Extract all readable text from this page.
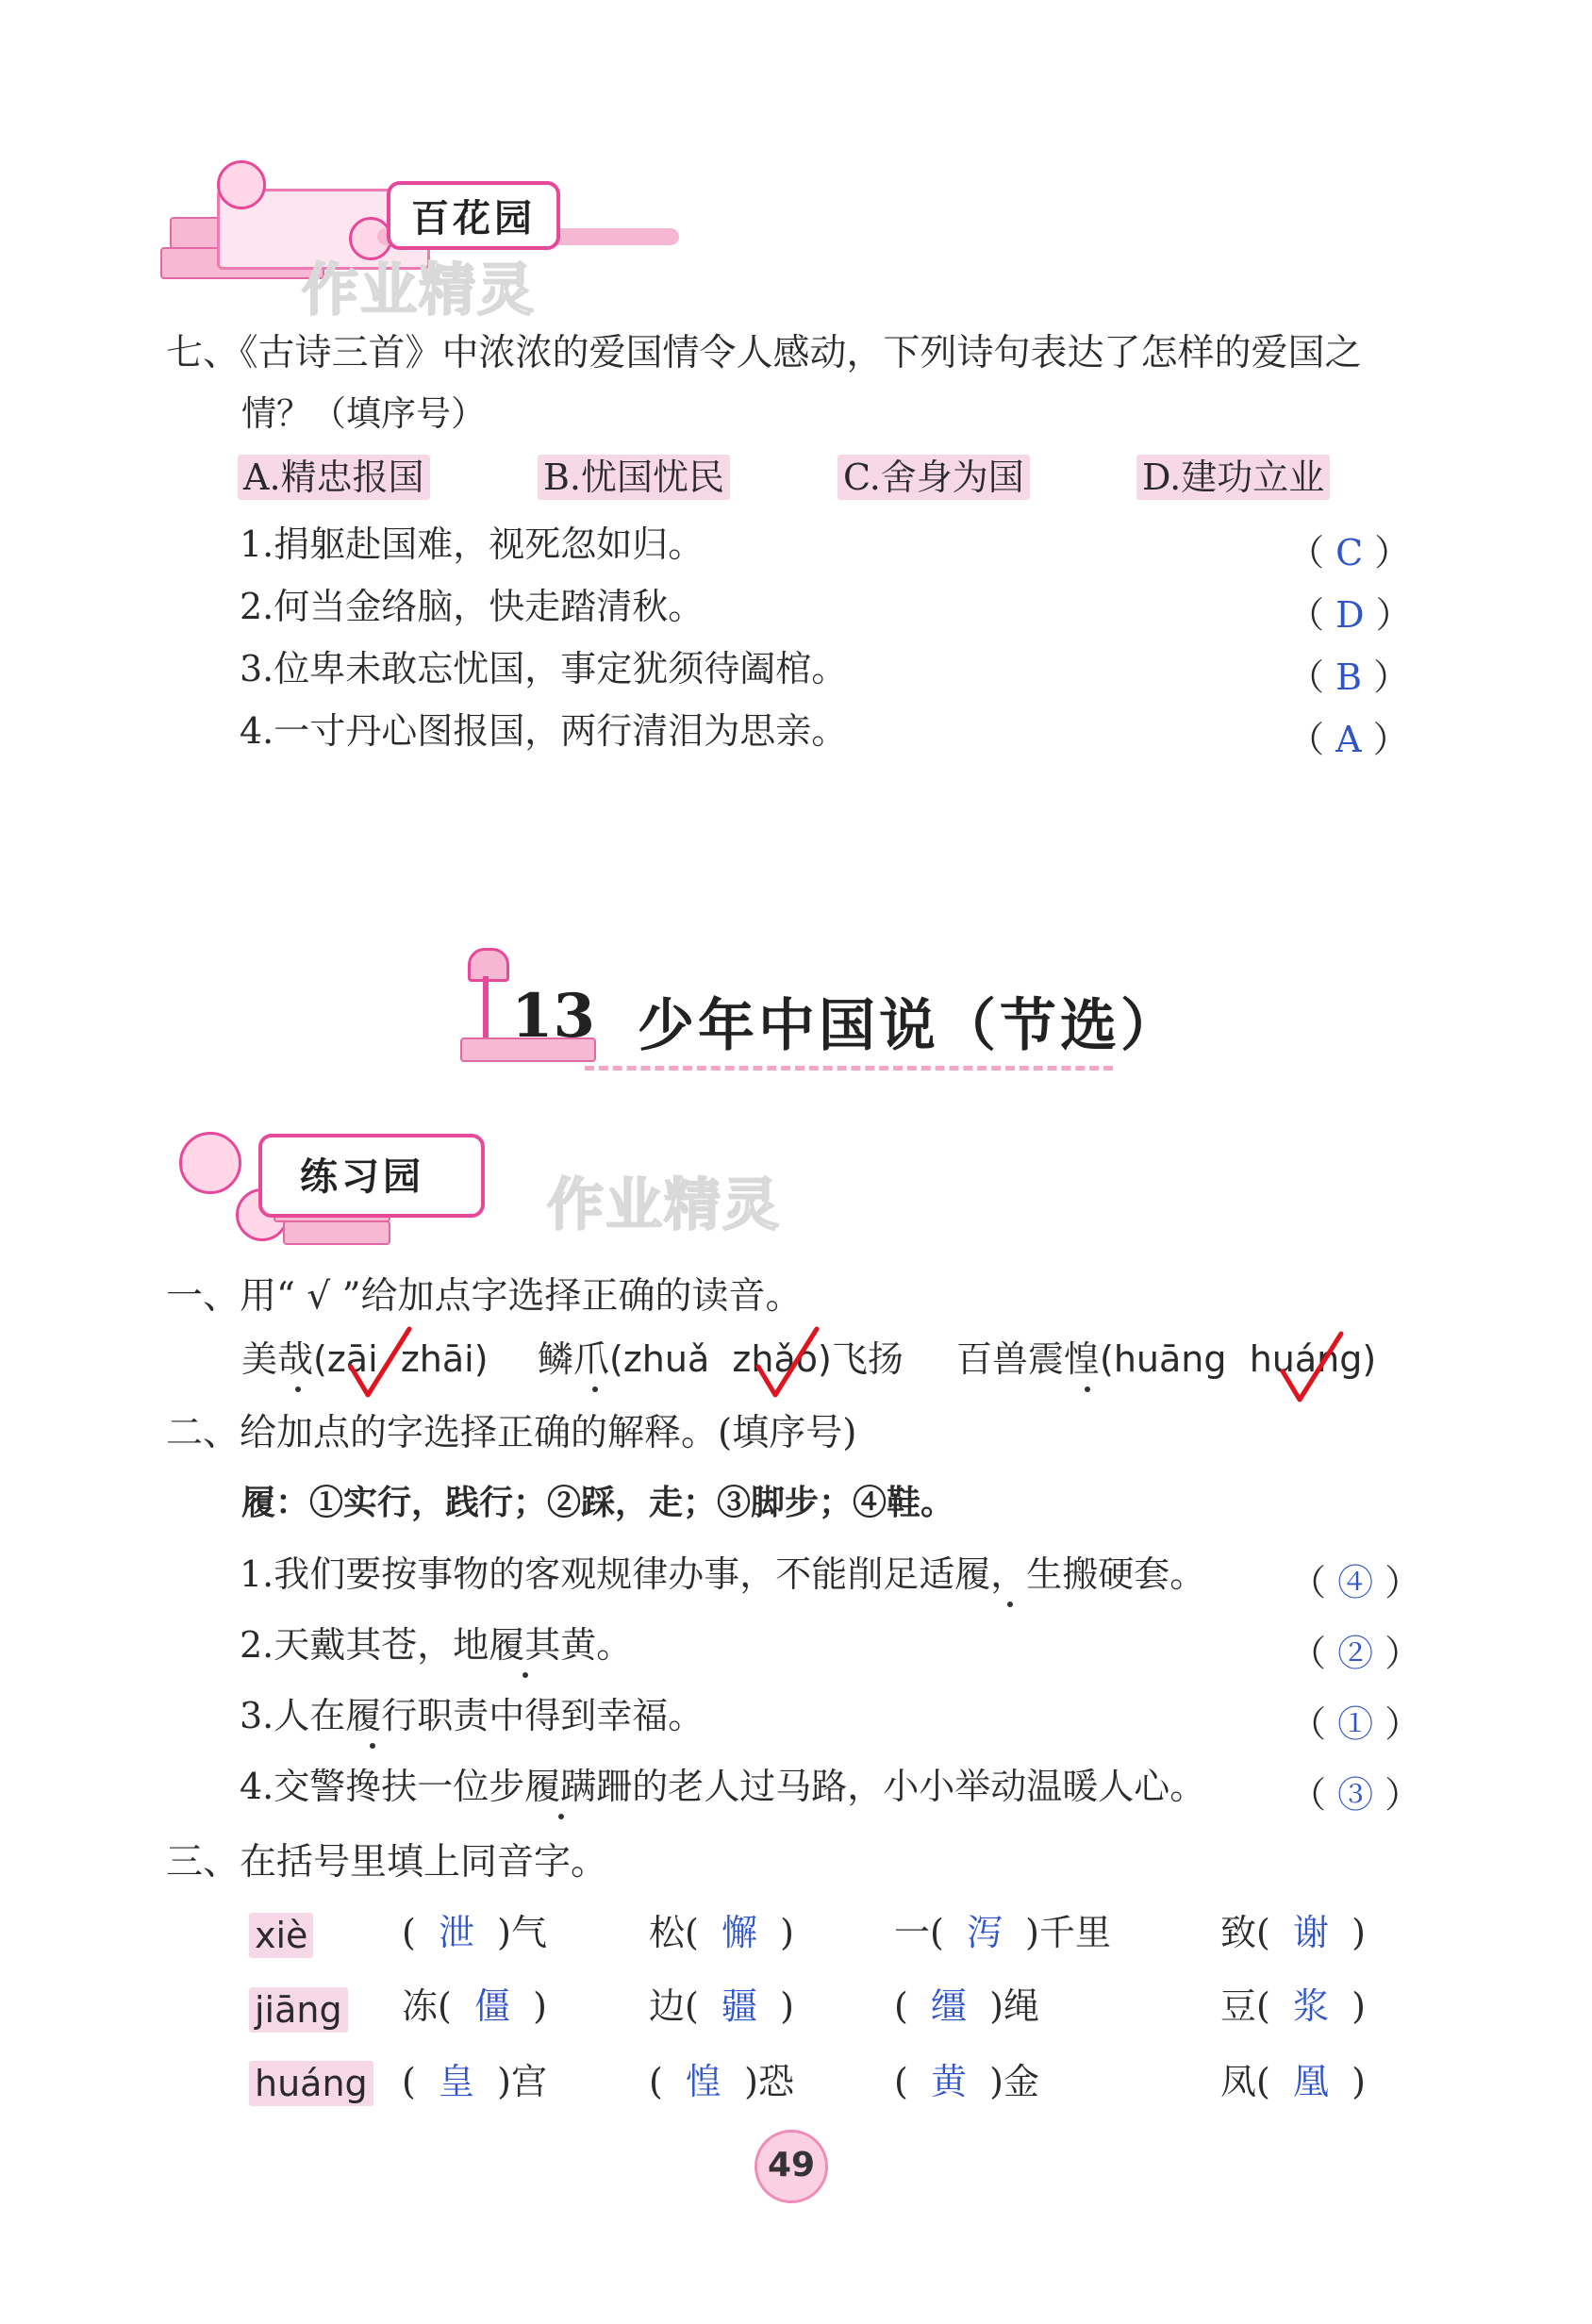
百花园
作业精灵
七、《古诗三首》中浓浓的爱国情令人感动，下列诗句表达了怎样的爱国之
情？（填序号）
A.精忠报国	B.忧国忧民	C.舍身为国	D.建功立业
1.捐躯赴国难，视死忽如归。	（ C ）
2.何当金络脑，快走踏清秋。	（ D ）
3.位卑未敢忘忧国，事定犹须待阖棺。	（ B ）
4.一寸丹心图报国，两行清泪为思亲。	（ A ）
13 少年中国说（节选）
练习园	作业精灵
一、用“ √ ”给加点字选择正确的读音。
美哉(zāi zhāi) 鳞爪(zhuǎ zhǎo)飞扬 百兽震惶(huāng huáng)
二、给加点的字选择正确的解释。(填序号)
履：①实行，践行；②踩，走；③脚步；④鞋。
1.我们要按事物的客观规律办事，不能削足适履，生搬硬套。 （ ④ ）
2.天戴其苍，地履其黄。	（ ② ）
3.人在履行职责中得到幸福。	（ ① ）
4.交警搀扶一位步履蹒跚的老人过马路，小小举动温暖人心。 （ ③ ）
三、在括号里填上同音字。
xiè	(  泄  )气	松(  懈  )	一(  泻  )千里	致(  谢  )
jiāng 冻(  僵  )	边(  疆  )	(  缰  )绳	豆(  浆  )
huáng (  皇  )宫	(  惶  )恐	(  黄  )金	凤(  凰  )
49
